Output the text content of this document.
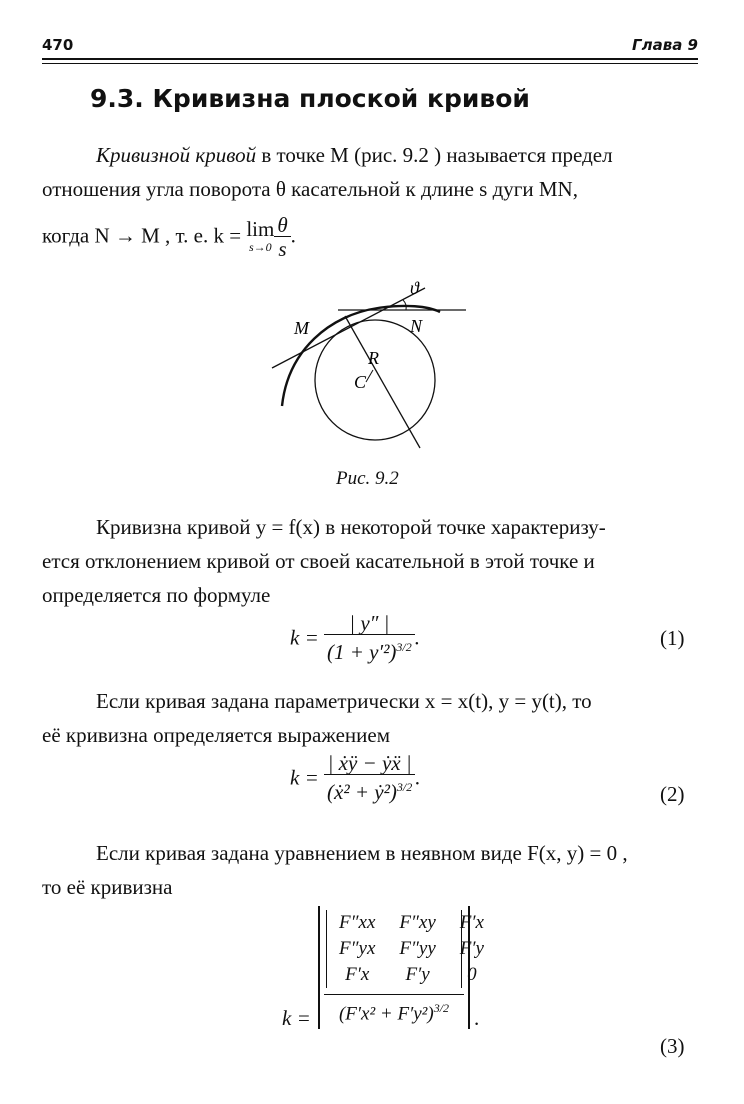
470	Глава 9
9.3. Кривизна плоской кривой
Кривизной кривой в точке M (рис. 9.2 ) называется предел
отношения угла поворота θ касательной к длине s дуги MN,
когда N → M , т. е. k = lim
$s\to 0 \frac{\theta}{s}$ .
M	N
R
C
ϑ
Рис. 9.2
Кривизна кривой y = f(x) в некоторой точке характеризу-
ется отклонением кривой от своей касательной в этой точке и
определяется по формуле
$k = \frac{| y'' |}{(1 + y'^2)^{3/2}}$ .	(1)
Если кривая задана параметрически x = x(t), y = y(t), то
её кривизна определяется выражением
$k = \frac{\text{| ẋÿ − ẏẍ |}}{(ẋ^2 + ẏ^2)^{3/2}}$ .
(2)
Если кривая задана уравнением в неявном виде F(x, y) = 0 ,
то её кривизна
k =
F″xx	F″xy	F′x
F″yx	F″yy	F′y
F′x	F′y	0
$(F'x^2 + F'y^2)^{3/2}$	.
(3)
